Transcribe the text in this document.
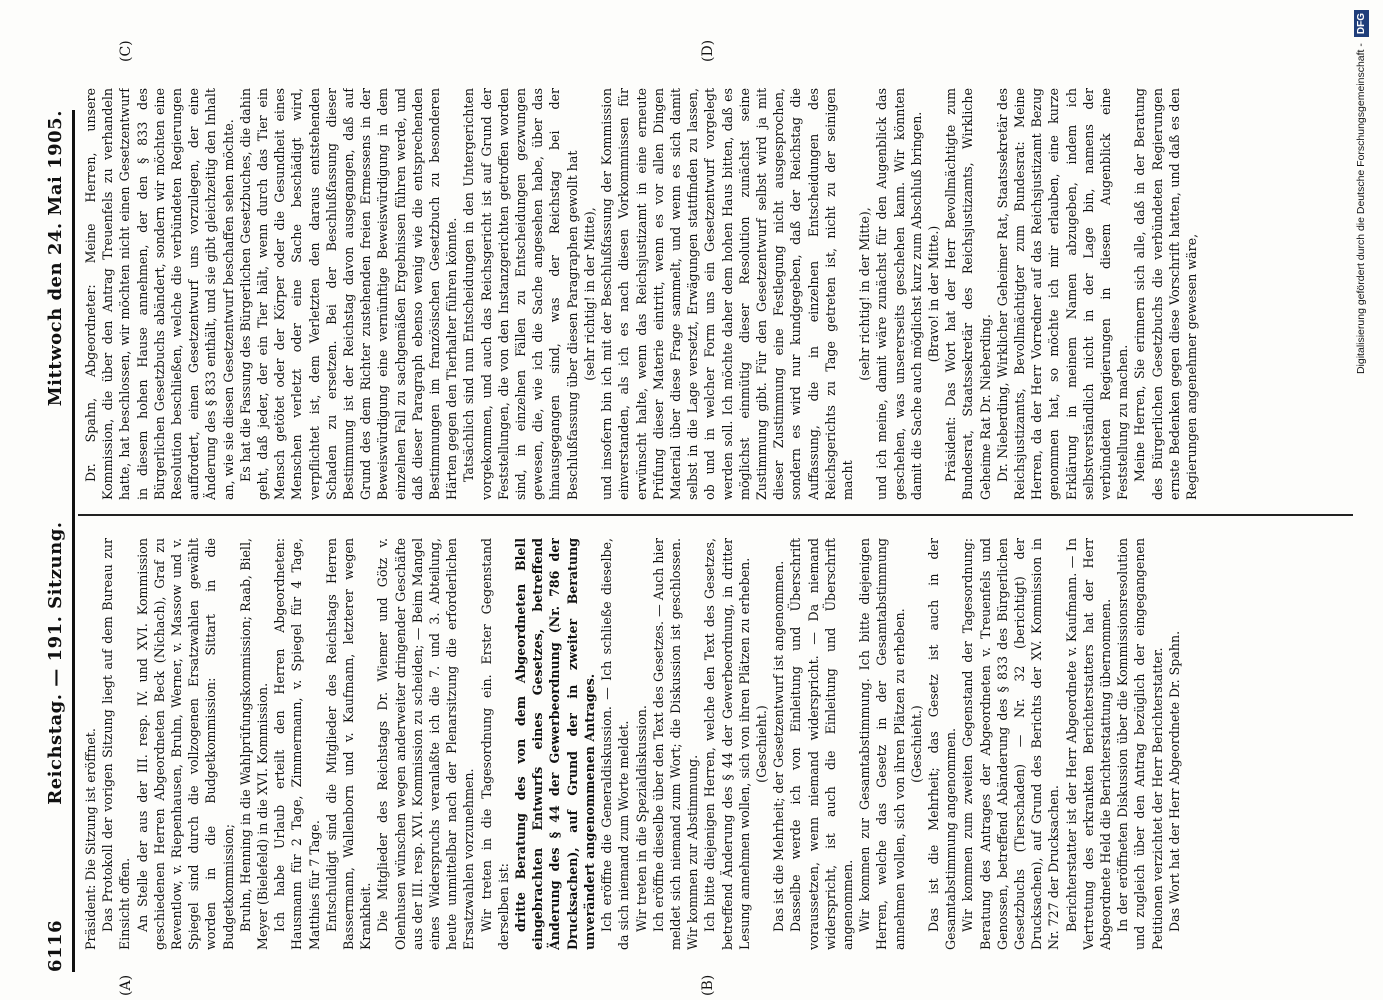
6116
Reichstag. — 191. Sitzung.
Mittwoch den 24. Mai 1905.
(A)	(B)
(C)	(D)

Präsident: Die Sitzung ist eröffnet. Das Protokoll der vorigen Sitzung liegt auf dem Bureau zur Einsicht offen. An Stelle der aus der III. resp. IV. und XVI. Kommission geschiedenen Herren Abgeordneten Beck (Nichach), Graf zu Reventlow, v. Riepenhausen, Bruhn, Werner, v. Massow und v. Spiegel sind durch die vollzogenen Ersatzwahlen gewählt worden in die Budgetkommission: Sittart in die Budgetkommission; Bruhn, Henning in die Wahlprüfungskommission; Raab, Biell, Meyer (Bielefeld) in die XVI. Kommission. Ich habe Urlaub erteilt den Herren Abgeordneten: Hausmann für 2 Tage, Zimmermann, v. Spiegel für 4 Tage, Matthies für 7 Tage. Entschuldigt sind die Mitglieder des Reichstags Herren Bassermann, Wallenborn und v. Kaufmann, letzterer wegen Krankheit. Die Mitglieder des Reichstags Dr. Wiemer und Götz v. Olenhusen wünschen wegen anderweiter dringender Geschäfte aus der III. resp. XVI. Kommission zu scheiden; — Beim Mangel eines Widerspruchs veranlaßte ich die 7. und 3. Abteilung, heute unmittelbar nach der Plenarsitzung die erforderlichen Ersatzwahlen vorzunehmen. Wir treten in die Tagesordnung ein. Erster Gegenstand derselben ist: dritte Beratung des von dem Abgeordneten Blell eingebrachten Entwurfs eines Gesetzes, betreffend Änderung des § 44 der Gewerbeordnung (Nr. 786 der Drucksachen), auf Grund der in zweiter Beratung unverändert angenommenen Antrages. Ich eröffne die Generaldiskussion. — Ich schließe dieselbe, da sich niemand zum Worte meldet. Wir treten in die Spezialdiskussion. Ich eröffne dieselbe über den Text des Gesetzes. — Auch hier meldet sich niemand zum Wort; die Diskussion ist geschlossen. Wir kommen zur Abstimmung. Ich bitte diejenigen Herren, welche den Text des Gesetzes, betreffend Änderung des § 44 der Gewerbeordnung, in dritter Lesung annehmen wollen, sich von ihren Plätzen zu erheben. (Geschieht.) Das ist die Mehrheit; der Gesetzentwurf ist angenommen. Dasselbe werde ich von Einleitung und Überschrift voraussetzen, wenn niemand widerspricht. — Da niemand widerspricht, ist auch die Einleitung und Überschrift angenommen. Wir kommen zur Gesamtabstimmung. Ich bitte diejenigen Herren, welche das Gesetz in der Gesamtabstimmung annehmen wollen, sich von ihren Plätzen zu erheben. (Geschieht.) Das ist die Mehrheit; das Gesetz ist auch in der Gesamtabstimmung angenommen. Wir kommen zum zweiten Gegenstand der Tagesordnung: Beratung des Antrages der Abgeordneten v. Treuenfels und Genossen, betreffend Abänderung des § 833 des Bürgerlichen Gesetzbuchs (Tierschaden) — Nr. 32 (berichtigt) der Drucksachen), auf Grund des Berichts der XV. Kommission in Nr. 727 der Drucksachen. Berichterstatter ist der Herr Abgeordnete v. Kaufmann. — In Vertretung des erkrankten Berichterstatters hat der Herr Abgeordnete Held die Berichterstattung übernommen. In der eröffneten Diskussion über die Kommissionsresolution und zugleich über den Antrag bezüglich der eingegangenen Petitionen verzichtet der Herr Berichterstatter. Das Wort hat der Herr Abgeordnete Dr. Spahn.

Dr. Spahn, Abgeordneter: Meine Herren, unsere Kommission, die über den Antrag Treuenfels zu verhandeln hatte, hat beschlossen, wir möchten nicht einen Gesetzentwurf in diesem hohen Hause annehmen, der den § 833 des Bürgerlichen Gesetzbuchs abändert, sondern wir möchten eine Resolution beschließen, welche die verbündeten Regierungen auffordert, einen Gesetzentwurf uns vorzulegen, der eine Änderung des § 833 enthält, und sie gibt gleichzeitig den Inhalt an, wie sie diesen Gesetzentwurf beschaffen sehen möchte. Es hat die Fassung des Bürgerlichen Gesetzbuches, die dahin geht, daß jeder, der ein Tier hält, wenn durch das Tier ein Mensch getötet oder der Körper oder die Gesundheit eines Menschen verletzt oder eine Sache beschädigt wird, verpflichtet ist, dem Verletzten den daraus entstehenden Schaden zu ersetzen. Bei der Beschlußfassung dieser Bestimmung ist der Reichstag davon ausgegangen, daß auf Grund des dem Richter zustehenden freien Ermessens in der Beweiswürdigung eine vernünftige Beweiswürdigung in dem einzelnen Fall zu sachgemäßen Ergebnissen führen werde, und daß dieser Paragraph ebenso wenig wie die entsprechenden Bestimmungen im französischen Gesetzbuch zu besonderen Härten gegen den Tierhalter führen könnte. Tatsächlich sind nun Entscheidungen in den Untergerichten vorgekommen, und auch das Reichsgericht ist auf Grund der Feststellungen, die von den Instanzgerichten getroffen worden sind, in einzelnen Fällen zu Entscheidungen gezwungen gewesen, die, wie ich die Sache angesehen habe, über das hinausgegangen sind, was der Reichstag bei der Beschlußfassung über diesen Paragraphen gewollt hat (sehr richtig! in der Mitte), und insofern bin ich mit der Beschlußfassung der Kommission einverstanden, als ich es nach diesen Vorkommnissen für erwünscht halte, wenn das Reichsjustizamt in eine erneute Prüfung dieser Materie eintritt, wenn es vor allen Dingen Material über diese Frage sammelt, und wenn es sich damit selbst in die Lage versetzt, Erwägungen stattfinden zu lassen, ob und in welcher Form uns ein Gesetzentwurf vorgelegt werden soll. Ich möchte daher dem hohen Haus bitten, daß es möglichst einmütig dieser Resolution zunächst seine Zustimmung gibt. Für den Gesetzentwurf selbst wird ja mit dieser Zustimmung eine Festlegung nicht ausgesprochen, sondern es wird nur kundgegeben, daß der Reichstag die Auffassung, die in einzelnen Entscheidungen des Reichsgerichts zu Tage getreten ist, nicht zu der seinigen macht

(sehr richtig! in der Mitte), und ich meine, damit wäre zunächst für den Augenblick das geschehen, was unsererseits geschehen kann. Wir könnten damit die Sache auch möglichst kurz zum Abschluß bringen. (Bravo! in der Mitte.) Präsident: Das Wort hat der Herr Bevollmächtigte zum Bundesrat, Staatssekretär des Reichsjustizamts, Wirkliche Geheime Rat Dr. Nieberding. Dr. Nieberding, Wirklicher Geheimer Rat, Staatssekretär des Reichsjustizamts, Bevollmächtigter zum Bundesrat: Meine Herren, da der Herr Vorredner auf das Reichsjustizamt Bezug genommen hat, so möchte ich mir erlauben, eine kurze Erklärung in meinem Namen abzugeben, indem ich selbstverständlich nicht in der Lage bin, namens der verbündeten Regierungen in diesem Augenblick eine Feststellung zu machen. Meine Herren, Sie erinnern sich alle, daß in der Beratung des Bürgerlichen Gesetzbuchs die verbündeten Regierungen ernste Bedenken gegen diese Vorschrift hatten, und daß es den Regierungen angenehmer gewesen wäre,	Digitalisierung gefördert durch die Deutsche Forschungsgemeinschaft -
DFG
